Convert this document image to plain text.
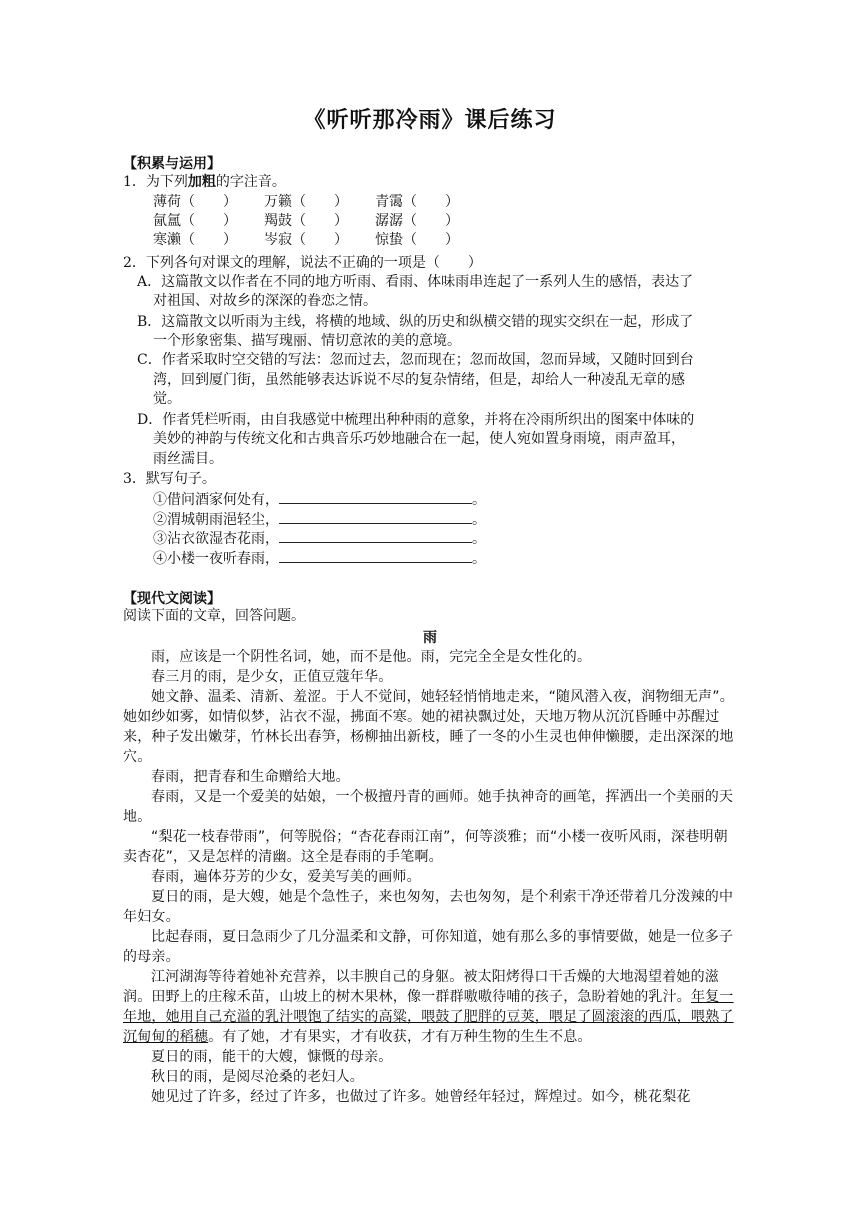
《听听那冷雨》课后练习
【积累与运用】
1．为下列加粗的字注音。
薄荷（　　） 万籁（　　） 青霭（　　）
氤氲（　　） 羯鼓（　　） 潺潺（　　）
寒濑（　　） 岑寂（　　） 惊蛰（　　）
2．下列各句对课文的理解，说法不正确的一项是（　　）
A．这篇散文以作者在不同的地方听雨、看雨、体味雨串连起了一系列人生的感悟，表达了
对祖国、对故乡的深深的眷恋之情。
B．这篇散文以听雨为主线，将横的地域、纵的历史和纵横交错的现实交织在一起，形成了
一个形象密集、描写瑰丽、情切意浓的美的意境。
C．作者采取时空交错的写法：忽而过去，忽而现在；忽而故国，忽而异域，又随时回到台
湾，回到厦门街，虽然能够表达诉说不尽的复杂情绪，但是，却给人一种凌乱无章的感
觉。
D．作者凭栏听雨，由自我感觉中梳理出种种雨的意象，并将在冷雨所织出的图案中体味的
美妙的神韵与传统文化和古典音乐巧妙地融合在一起，使人宛如置身雨境，雨声盈耳，
雨丝濡目。
3．默写句子。
①借问酒家何处有，	。
②渭城朝雨浥轻尘，	。
③沾衣欲湿杏花雨，	。
④小楼一夜听春雨，	。
【现代文阅读】
阅读下面的文章，回答问题。
雨
雨，应该是一个阴性名词，她，而不是他。雨，完完全全是女性化的。
春三月的雨，是少女，正值豆蔻年华。
她文静、温柔、清新、羞涩。于人不觉间，她轻轻悄悄地走来，“随风潜入夜，润物细无声”。她如纱如雾，如情似梦，沾衣不湿，拂面不寒。她的裙袂飘过处，天地万物从沉沉昏睡中苏醒过来，种子发出嫩芽，竹林长出春笋，杨柳抽出新枝，睡了一冬的小生灵也伸伸懒腰，走出深深的地穴。
春雨，把青春和生命赠给大地。
春雨，又是一个爱美的姑娘，一个极擅丹青的画师。她手执神奇的画笔，挥洒出一个美丽的天地。
“梨花一枝春带雨”，何等脱俗；“杏花春雨江南”，何等淡雅；而“小楼一夜听风雨，深巷明朝卖杏花”，又是怎样的清幽。这全是春雨的手笔啊。
春雨，遍体芬芳的少女，爱美写美的画师。
夏日的雨，是大嫂，她是个急性子，来也匆匆，去也匆匆，是个利索干净还带着几分泼辣的中年妇女。
比起春雨，夏日急雨少了几分温柔和文静，可你知道，她有那么多的事情要做，她是一位多子的母亲。
江河湖海等待着她补充营养，以丰腴自己的身躯。被太阳烤得口干舌燥的大地渴望着她的滋润。田野上的庄稼禾苗，山坡上的树木果林，像一群群嗷嗷待哺的孩子，急盼着她的乳汁。年复一年地，她用自己充溢的乳汁喂饱了结实的高粱，喂鼓了肥胖的豆荚，喂足了圆滚滚的西瓜，喂熟了沉甸甸的稻穗。有了她，才有果实，才有收获，才有万种生物的生生不息。
夏日的雨，能干的大嫂，慷慨的母亲。
秋日的雨，是阅尽沧桑的老妇人。
她见过了许多，经过了许多，也做过了许多。她曾经年轻过，辉煌过。如今，桃花梨花
